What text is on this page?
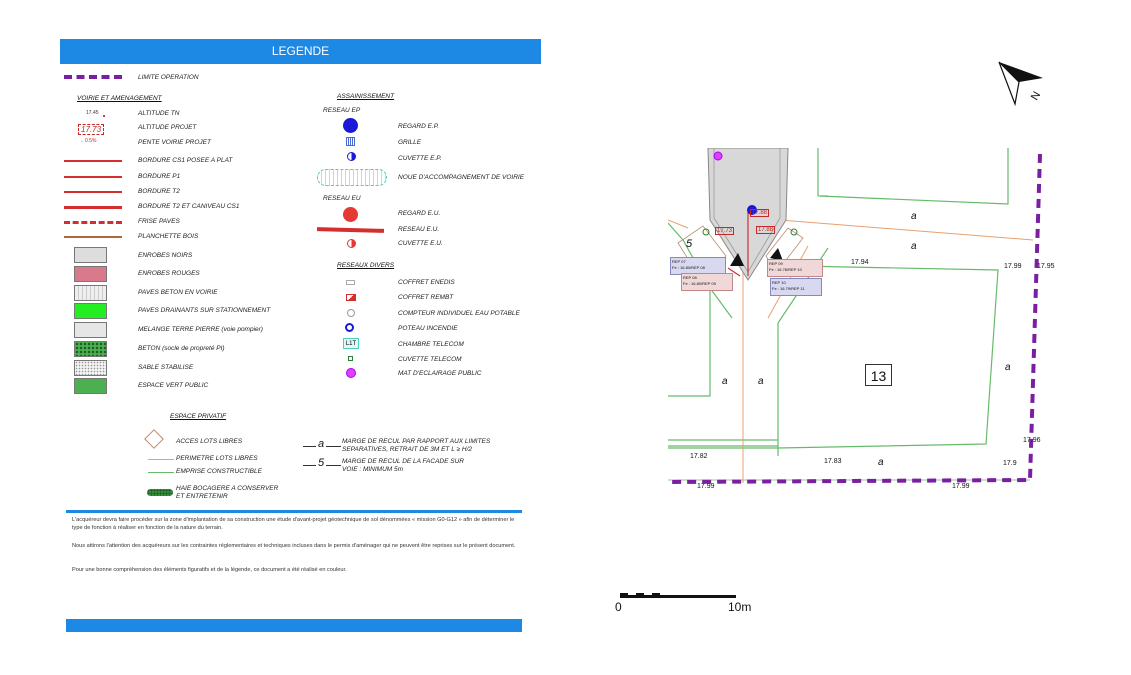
LEGENDE
LIMITE OPERATION
VOIRIE ET AMENAGEMENT
17.45	ALTITUDE TN
17.73	ALTITUDE PROJET
←0.5%	PENTE VOIRIE PROJET
BORDURE CS1 POSEE A PLAT
BORDURE P1
BORDURE T2
BORDURE T2 ET CANIVEAU CS1
FRISE PAVES
PLANCHETTE BOIS
ENROBES NOIRS
ENROBES ROUGES
PAVES BETON EN VOIRIE
PAVES DRAINANTS SUR STATIONNEMENT
MELANGE TERRE PIERRE (voie pompier)
BETON (socle de propreté PI)
SABLE STABILISE
ESPACE VERT PUBLIC
ASSAINISSEMENT
RESEAU EP
REGARD E.P.
GRILLE
CUVETTE E.P.
NOUE D'ACCOMPAGNEMENT DE VOIRIE
RESEAU EU
REGARD E.U.
RESEAU E.U.
CUVETTE E.U.
RESEAUX DIVERS
COFFRET ENEDIS
COFFRET REMBT
COMPTEUR INDIVIDUEL EAU POTABLE
POTEAU INCENDIE
L1T	CHAMBRE TELECOM
CUVETTE TELECOM
MAT D'ECLAIRAGE PUBLIC
ESPACE PRIVATIF
ACCES LOTS LIBRES
PERIMETRE LOTS LIBRES
EMPRISE CONSTRUCTIBLE
HAIE BOCAGERE A CONSERVER ET ENTRETENIR
a	MARGE DE RECUL PAR RAPPORT AUX LIMITES SEPARATIVES, RETRAIT DE 3M ET L ≥ H/2
5	MARGE DE RECUL DE LA FACADE SUR VOIE : MINIMUM 5m
L'acquéreur devra faire procéder sur la zone d'implantation de sa construction une étude d'avant-projet géotechnique de sol dénommées « mission G0-G12 » afin de déterminer le type de fonction à réaliser en fonction de la nature du terrain.
Nous attirons l'attention des acquéreurs sur les contraintes réglementaires et techniques incluses dans le permis d'aménager qui ne peuvent être reprises sur le présent document.
Pour une bonne compréhension des éléments figuratifs et de la légende, ce document a été réalisé en couleur.
17.73
17.88
17.88
REP 07
Fe : 16.80/REP 08
REP 08
Fe : 16.80/REP 09
REP 09
Fe : 16.78/REP 10
REP 10
Fe : 16.79/REP 11
5
a
a
a	a
a
a
13
17.94
17.99 17.95
17.96
17.9
17.82
17.83
17.99	17.99
N
0	10m
